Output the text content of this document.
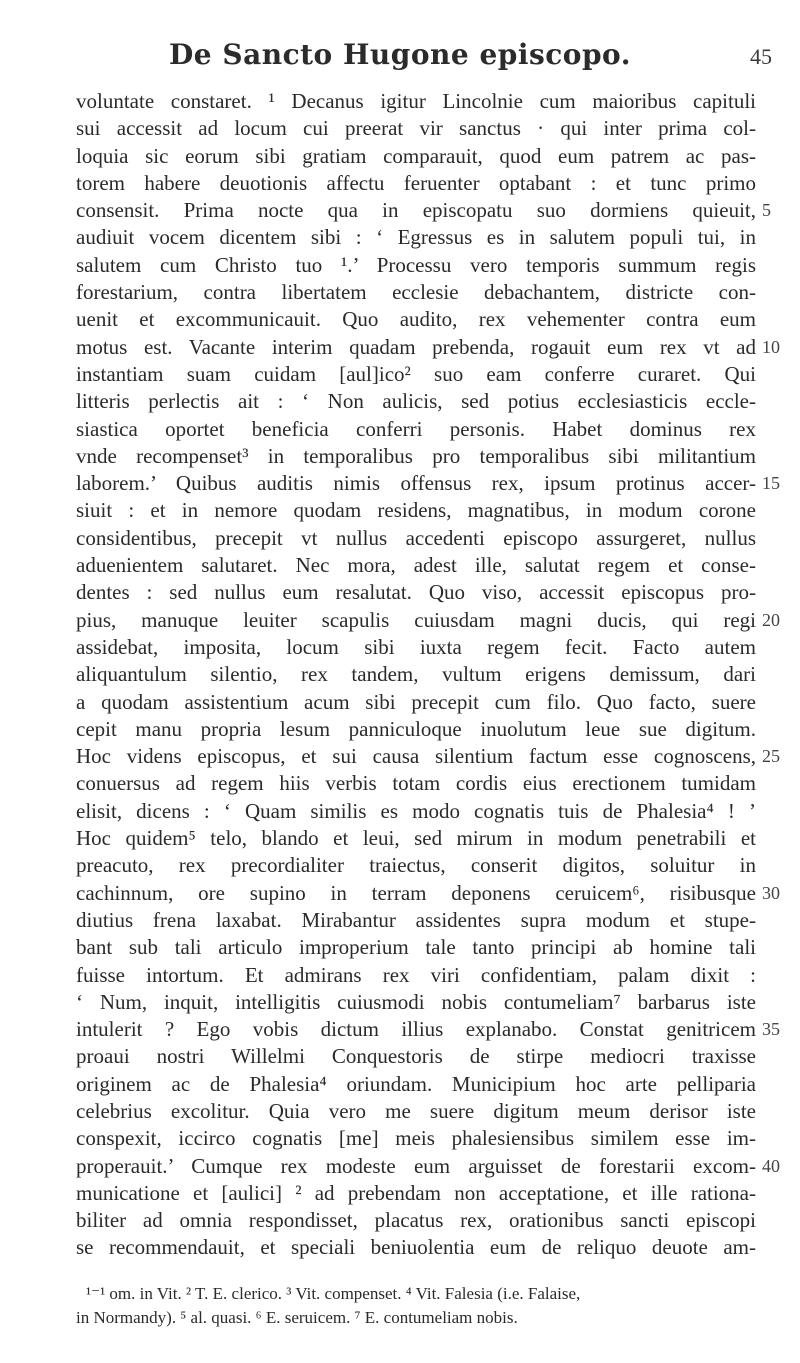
De Sancto Hugone episcopo.	45
voluntate constaret. ¹ Decanus igitur Lincolnie cum maioribus capituli
sui accessit ad locum cui preerat vir sanctus · qui inter prima col-
loquia sic eorum sibi gratiam comparauit, quod eum patrem ac pas-
torem habere deuotionis affectu feruenter optabant : et tunc primo
consensit. Prima nocte qua in episcopatu suo dormiens quieuit, 5
audiuit vocem dicentem sibi : ‘ Egressus es in salutem populi tui, in
salutem cum Christo tuo ¹.’ Processu vero temporis summum regis
forestarium, contra libertatem ecclesie debachantem, districte con-
uenit et excommunicauit. Quo audito, rex vehementer contra eum
motus est. Vacante interim quadam prebenda, rogauit eum rex vt ad 10
instantiam suam cuidam [aul]ico² suo eam conferre curaret. Qui
litteris perlectis ait : ‘ Non aulicis, sed potius ecclesiasticis eccle-
siastica oportet beneficia conferri personis. Habet dominus rex
vnde recompenset³ in temporalibus pro temporalibus sibi militantium
laborem.’ Quibus auditis nimis offensus rex, ipsum protinus accer- 15
siuit : et in nemore quodam residens, magnatibus, in modum corone
considentibus, precepit vt nullus accedenti episcopo assurgeret, nullus
aduenientem salutaret. Nec mora, adest ille, salutat regem et conse-
dentes : sed nullus eum resalutat. Quo viso, accessit episcopus pro-
pius, manuque leuiter scapulis cuiusdam magni ducis, qui regi 20
assidebat, imposita, locum sibi iuxta regem fecit. Facto autem
aliquantulum silentio, rex tandem, vultum erigens demissum, dari
a quodam assistentium acum sibi precepit cum filo. Quo facto, suere
cepit manu propria lesum panniculoque inuolutum leue sue digitum.
Hoc videns episcopus, et sui causa silentium factum esse cognoscens, 25
conuersus ad regem hiis verbis totam cordis eius erectionem tumidam
elisit, dicens : ‘ Quam similis es modo cognatis tuis de Phalesia⁴ ! ’
Hoc quidem⁵ telo, blando et leui, sed mirum in modum penetrabili et
preacuto, rex precordialiter traiectus, conserit digitos, soluitur in
cachinnum, ore supino in terram deponens ceruicem⁶, risibusque 30
diutius frena laxabat. Mirabantur assidentes supra modum et stupe-
bant sub tali articulo improperium tale tanto principi ab homine tali
fuisse intortum. Et admirans rex viri confidentiam, palam dixit :
‘ Num, inquit, intelligitis cuiusmodi nobis contumeliam⁷ barbarus iste
intulerit ? Ego vobis dictum illius explanabo. Constat genitricem 35
proaui nostri Willelmi Conquestoris de stirpe mediocri traxisse
originem ac de Phalesia⁴ oriundam. Municipium hoc arte pelliparia
celebrius excolitur. Quia vero me suere digitum meum derisor iste
conspexit, iccirco cognatis [me] meis phalesiensibus similem esse im-
properauit.’ Cumque rex modeste eum arguisset de forestarii excom- 40
municatione et [aulici] ² ad prebendam non acceptatione, et ille rationa-
biliter ad omnia respondisset, placatus rex, orationibus sancti episcopi
se recommendauit, et speciali beniuolentia eum de reliquo deuote am-
¹⁻¹ om. in Vit. ² T. E. clerico. ³ Vit. compenset. ⁴ Vit. Falesia (i.e. Falaise,
in Normandy). ⁵ al. quasi. ⁶ E. seruicem. ⁷ E. contumeliam nobis.
